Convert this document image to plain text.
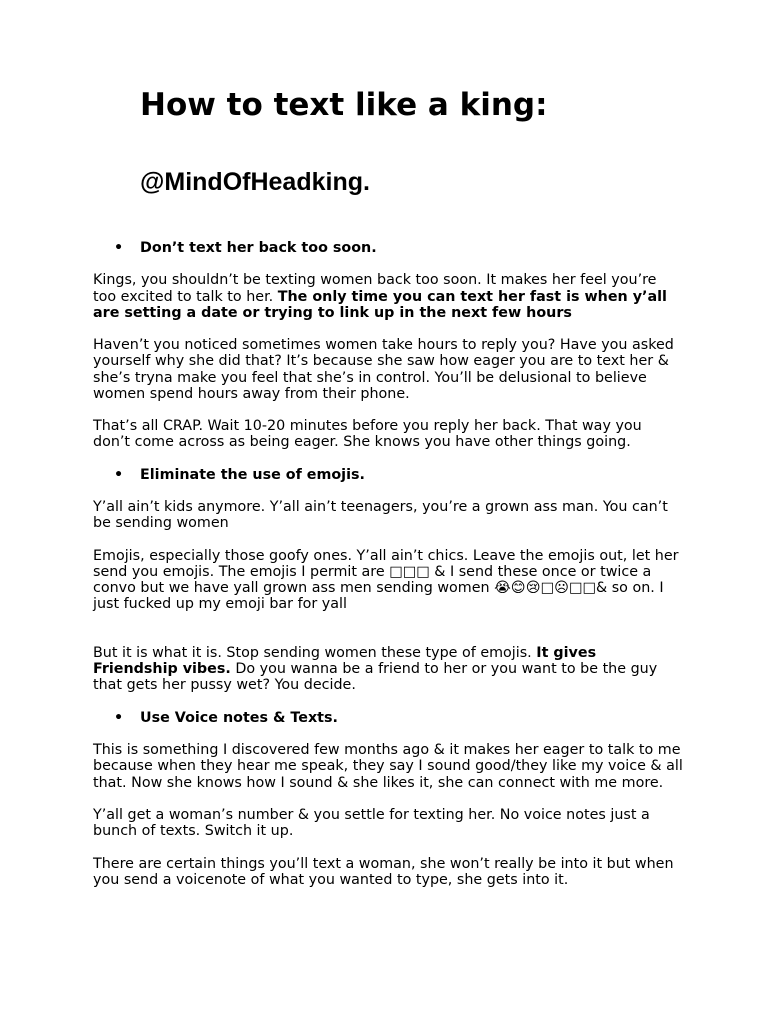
How to text like a king:
@MindOfHeadking.
• Don’t text her back too soon.

Kings, you shouldn’t be texting women back too soon. It makes her feel you’re too excited to talk to her. The only time you can text her fast is when y’all are setting a date or trying to link up in the next few hours

Haven’t you noticed sometimes women take hours to reply you? Have you asked yourself why she did that? It’s because she saw how eager you are to text her & she’s tryna make you feel that she’s in control. You’ll be delusional to believe women spend hours away from their phone.

That’s all CRAP. Wait 10-20 minutes before you reply her back. That way you don’t come across as being eager. She knows you have other things going.

• Eliminate the use of emojis.

Y’all ain’t kids anymore. Y’all ain’t teenagers, you’re a grown ass man. You can’t be sending women

Emojis, especially those goofy ones. Y’all ain’t chics. Leave the emojis out, let her send you emojis. The emojis I permit are □□□ & I send these once or twice a convo but we have yall grown ass men sending women 😭😊😢□☹□□& so on. I just fucked up my emoji bar for yall

But it is what it is. Stop sending women these type of emojis. It gives Friendship vibes. Do you wanna be a friend to her or you want to be the guy that gets her pussy wet? You decide.

• Use Voice notes & Texts.

This is something I discovered few months ago & it makes her eager to talk to me because when they hear me speak, they say I sound good/they like my voice & all that. Now she knows how I sound & she likes it, she can connect with me more.

Y’all get a woman’s number & you settle for texting her. No voice notes just a bunch of texts. Switch it up.

There are certain things you’ll text a woman, she won’t really be into it but when you send a voicenote of what you wanted to type, she gets into it.
